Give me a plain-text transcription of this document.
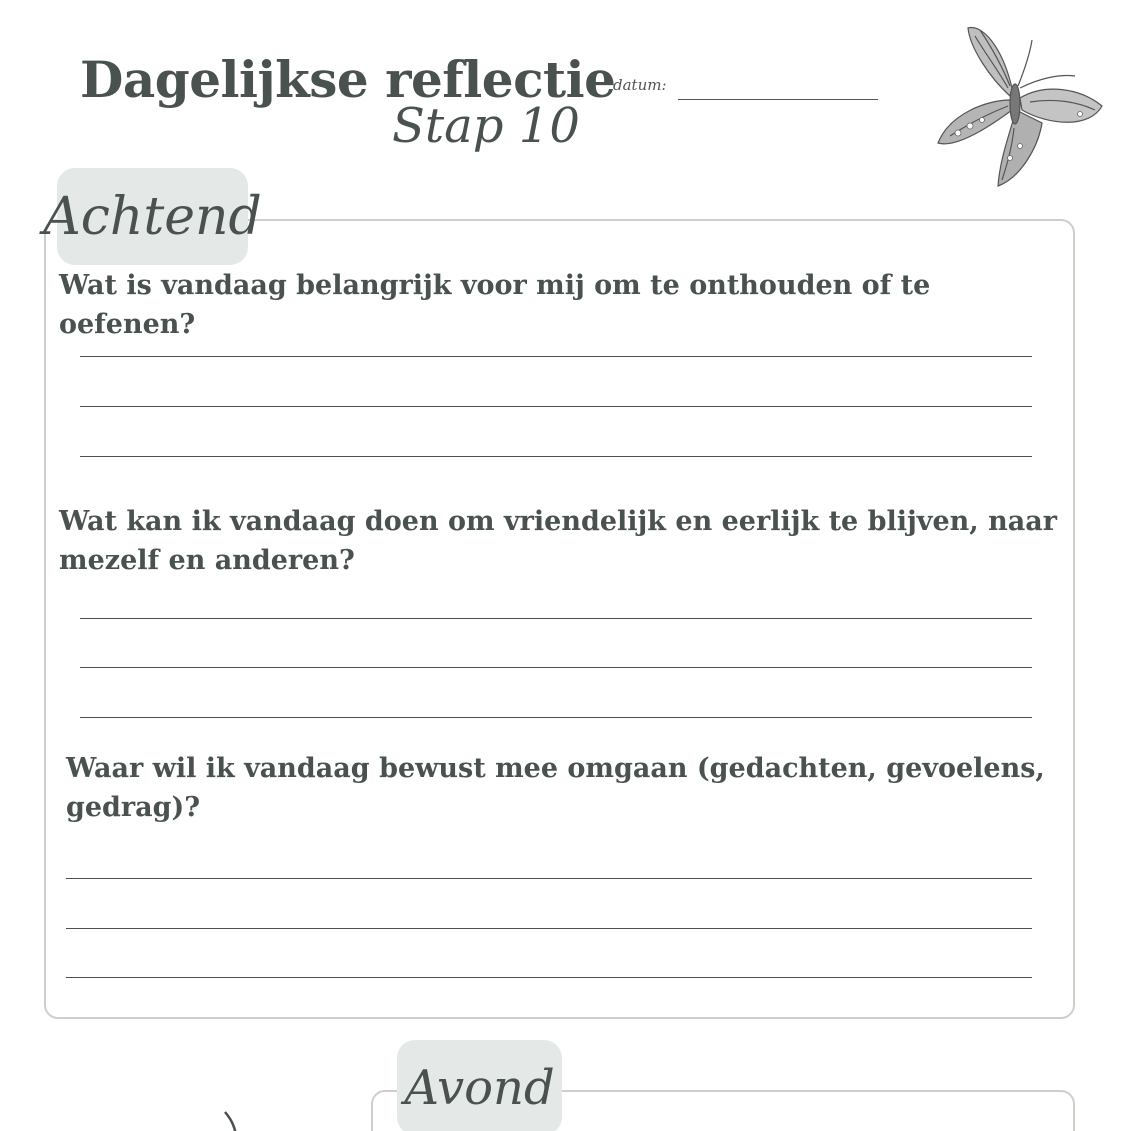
Dagelijkse reflectie
Stap 10
datum:
Achtend
Wat is vandaag belangrijk voor mij om te onthouden of te oefenen?
Wat kan ik vandaag doen om vriendelijk en eerlijk te blijven, naar mezelf en anderen?
Waar wil ik vandaag bewust mee omgaan (gedachten, gevoelens, gedrag)?
Avond
